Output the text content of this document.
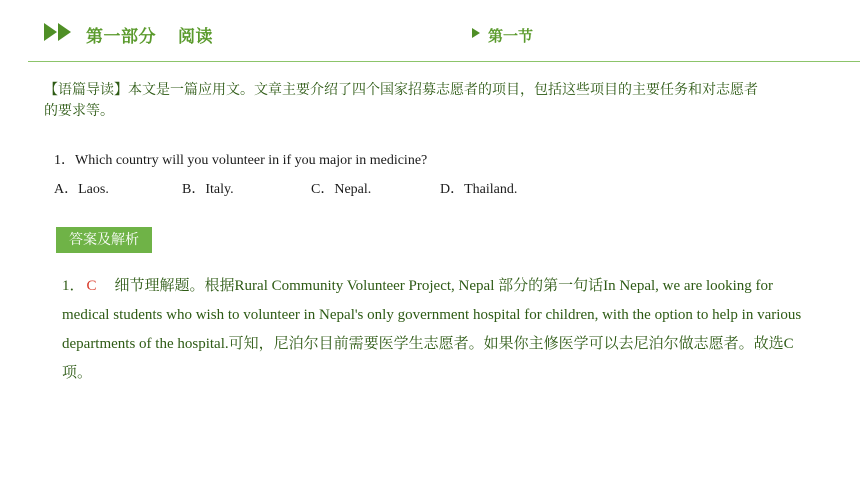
第一部分 阅读	第一节
【语篇导读】本文是一篇应用文。文章主要介绍了四个国家招募志愿者的项目，包括这些项目的主要任务和对志愿者的要求等。
1．Which country will you volunteer in if you major in medicine?
A．Laos.	B．Italy.	C．Nepal.	D．Thailand.
答案及解析
1． C 细节理解题。根据Rural Community Volunteer Project, Nepal 部分的第一句话In Nepal, we are looking for medical students who wish to volunteer in Nepal's only government hospital for children, with the option to help in various departments of the hospital.可知，尼泊尔目前需要医学生志愿者。如果你主修医学可以去尼泊尔做志愿者。故选C项。
